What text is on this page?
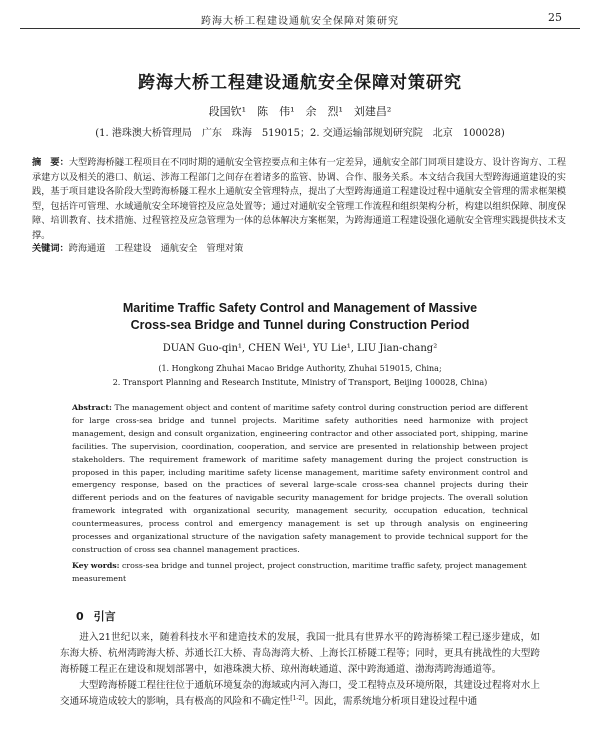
跨海大桥工程建设通航安全保障对策研究	25
跨海大桥工程建设通航安全保障对策研究
段国钦¹　陈　伟¹　余　烈¹　刘建昌²
(1. 港珠澳大桥管理局　广东　珠海　519015；2. 交通运输部规划研究院　北京　100028)
摘　要：大型跨海桥隧工程项目在不同时期的通航安全管控要点和主体有一定差异，通航安全部门同项目建设方、设计咨询方、工程承建方以及相关的港口、航运、涉海工程部门之间存在着诸多的监管、协调、合作、服务关系。本文结合我国大型跨海通道建设的实践，基于项目建设各阶段大型跨海桥隧工程水上通航安全管理特点，提出了大型跨海通道工程建设过程中通航安全管理的需求框架模型，包括许可管理、水域通航安全环境管控及应急处置等；通过对通航安全管理工作流程和组织架构分析，构建以组织保障、制度保障、培训教育、技术措施、过程管控及应急管理为一体的总体解决方案框架，为跨海通道工程建设强化通航安全管理实践提供技术支撑。
关键词：跨海通道　工程建设　通航安全　管理对策
Maritime Traffic Safety Control and Management of Massive
Cross-sea Bridge and Tunnel during Construction Period
DUAN Guo-qin¹, CHEN Wei¹, YU Lie¹, LIU Jian-chang²
(1. Hongkong Zhuhai Macao Bridge Authority, Zhuhai 519015, China;
2. Transport Planning and Research Institute, Ministry of Transport, Beijing 100028, China)
Abstract: The management object and content of maritime safety control during construction period are different for large cross-sea bridge and tunnel projects. Maritime safety authorities need harmonize with project management, design and consult organization, engineering contractor and other associated port, shipping, marine facilities. The supervision, coordination, cooperation, and service are presented in relationship between project stakeholders. The requirement framework of maritime safety management during the project construction is proposed in this paper, including maritime safety license management, maritime safety environment control and emergency response, based on the practices of several large-scale cross-sea channel projects during their different periods and on the features of navigable security management for bridge projects. The overall solution framework integrated with organizational security, management security, occupation education, technical countermeasures, process control and emergency management is set up through analysis on engineering processes and organizational structure of the navigation safety management to provide technical support for the construction of cross sea channel management practices.
Key words: cross-sea bridge and tunnel project, project construction, maritime traffic safety, project management measurement
0 引言

进入21世纪以来，随着科技水平和建造技术的发展，我国一批具有世界水平的跨海桥梁工程已逐步建成，如东海大桥、杭州湾跨海大桥、苏通长江大桥、青岛海湾大桥、上海长江桥隧工程等；同时，更具有挑战性的大型跨海桥隧工程正在建设和规划部署中，如港珠澳大桥、琼州海峡通道、深中跨海通道、渤海湾跨海通道等。

大型跨海桥隧工程往往位于通航环境复杂的海域或内河入海口，受工程特点及环境所限，其建设过程将对水上交通环境造成较大的影响，具有极高的风险和不确定性[1-2]。因此，需系统地分析项目建设过程中通
